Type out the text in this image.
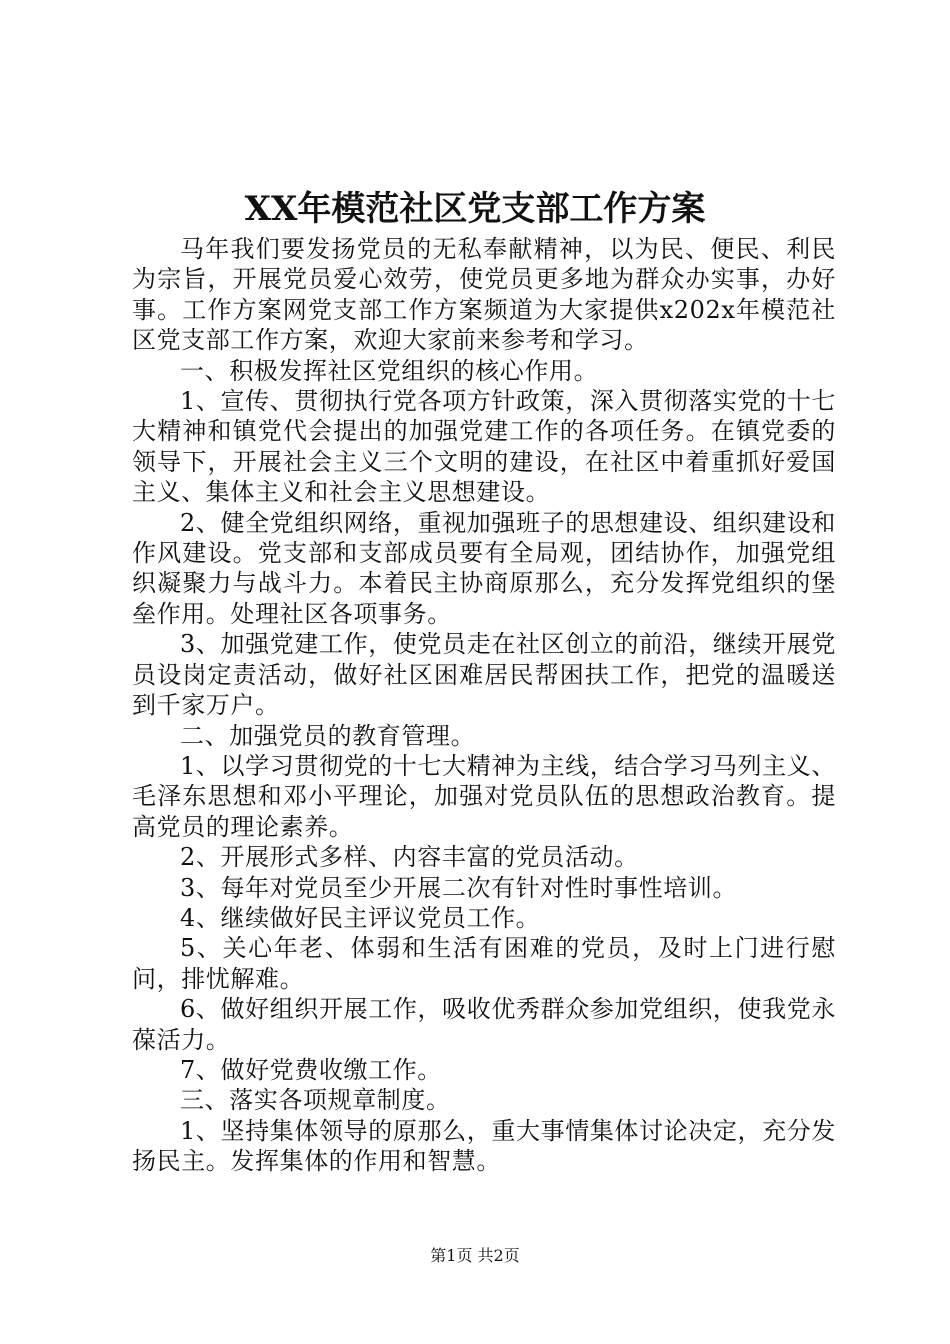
XX年模范社区党支部工作方案

马年我们要发扬党员的无私奉献精神，以为民、便民、利民为宗旨，开展党员爱心效劳，使党员更多地为群众办实事，办好事。工作方案网党支部工作方案频道为大家提供x202x年模范社区党支部工作方案，欢迎大家前来参考和学习。

一、积极发挥社区党组织的核心作用。

1、宣传、贯彻执行党各项方针政策，深入贯彻落实党的十七大精神和镇党代会提出的加强党建工作的各项任务。在镇党委的领导下，开展社会主义三个文明的建设，在社区中着重抓好爱国主义、集体主义和社会主义思想建设。

2、健全党组织网络，重视加强班子的思想建设、组织建设和作风建设。党支部和支部成员要有全局观，团结协作，加强党组织凝聚力与战斗力。本着民主协商原那么，充分发挥党组织的堡垒作用。处理社区各项事务。

3、加强党建工作，使党员走在社区创立的前沿，继续开展党员设岗定责活动，做好社区困难居民帮困扶工作，把党的温暖送到千家万户。

二、加强党员的教育管理。

1、以学习贯彻党的十七大精神为主线，结合学习马列主义、毛泽东思想和邓小平理论，加强对党员队伍的思想政治教育。提高党员的理论素养。

2、开展形式多样、内容丰富的党员活动。

3、每年对党员至少开展二次有针对性时事性培训。

4、继续做好民主评议党员工作。

5、关心年老、体弱和生活有困难的党员，及时上门进行慰问，排忧解难。

6、做好组织开展工作，吸收优秀群众参加党组织，使我党永葆活力。

7、做好党费收缴工作。

三、落实各项规章制度。

1、坚持集体领导的原那么，重大事情集体讨论决定，充分发扬民主。发挥集体的作用和智慧。

第1页 共2页
